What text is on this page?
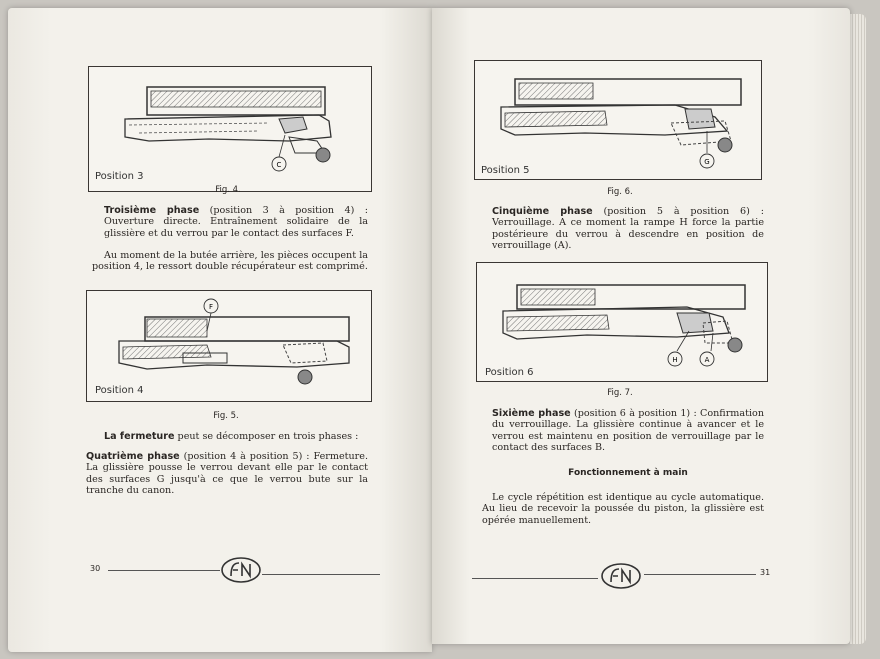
C
Position 3
Fig. 4.

Troisième phase (position 3 à position 4) : Ouverture directe. Entraînement solidaire de la glissière et du verrou par le contact des surfaces F.

Au moment de la butée arrière, les pièces occupent la position 4, le ressort double récupérateur est comprimé.

F
Position 4
Fig. 5.

La fermeture peut se décomposer en trois phases :

Quatrième phase (position 4 à position 5) : Fermeture. La glissière pousse le verrou devant elle par le contact des surfaces G jusqu'à ce que le verrou bute sur la tranche du canon.

30
G
Position 5
Fig. 6.

Cinquième phase (position 5 à position 6) : Verrouillage. A ce moment la rampe H force la partie postérieure du verrou à descendre en position de verrouillage (A).

H	A
Position 6
Fig. 7.

Sixième phase (position 6 à position 1) : Confirmation du verrouillage. La glissière continue à avancer et le verrou est maintenu en position de verrouillage par le contact des surfaces B.

Fonctionnement à main

Le cycle répétition est identique au cycle automatique. Au lieu de recevoir la poussée du piston, la glissière est opérée manuellement.

31
